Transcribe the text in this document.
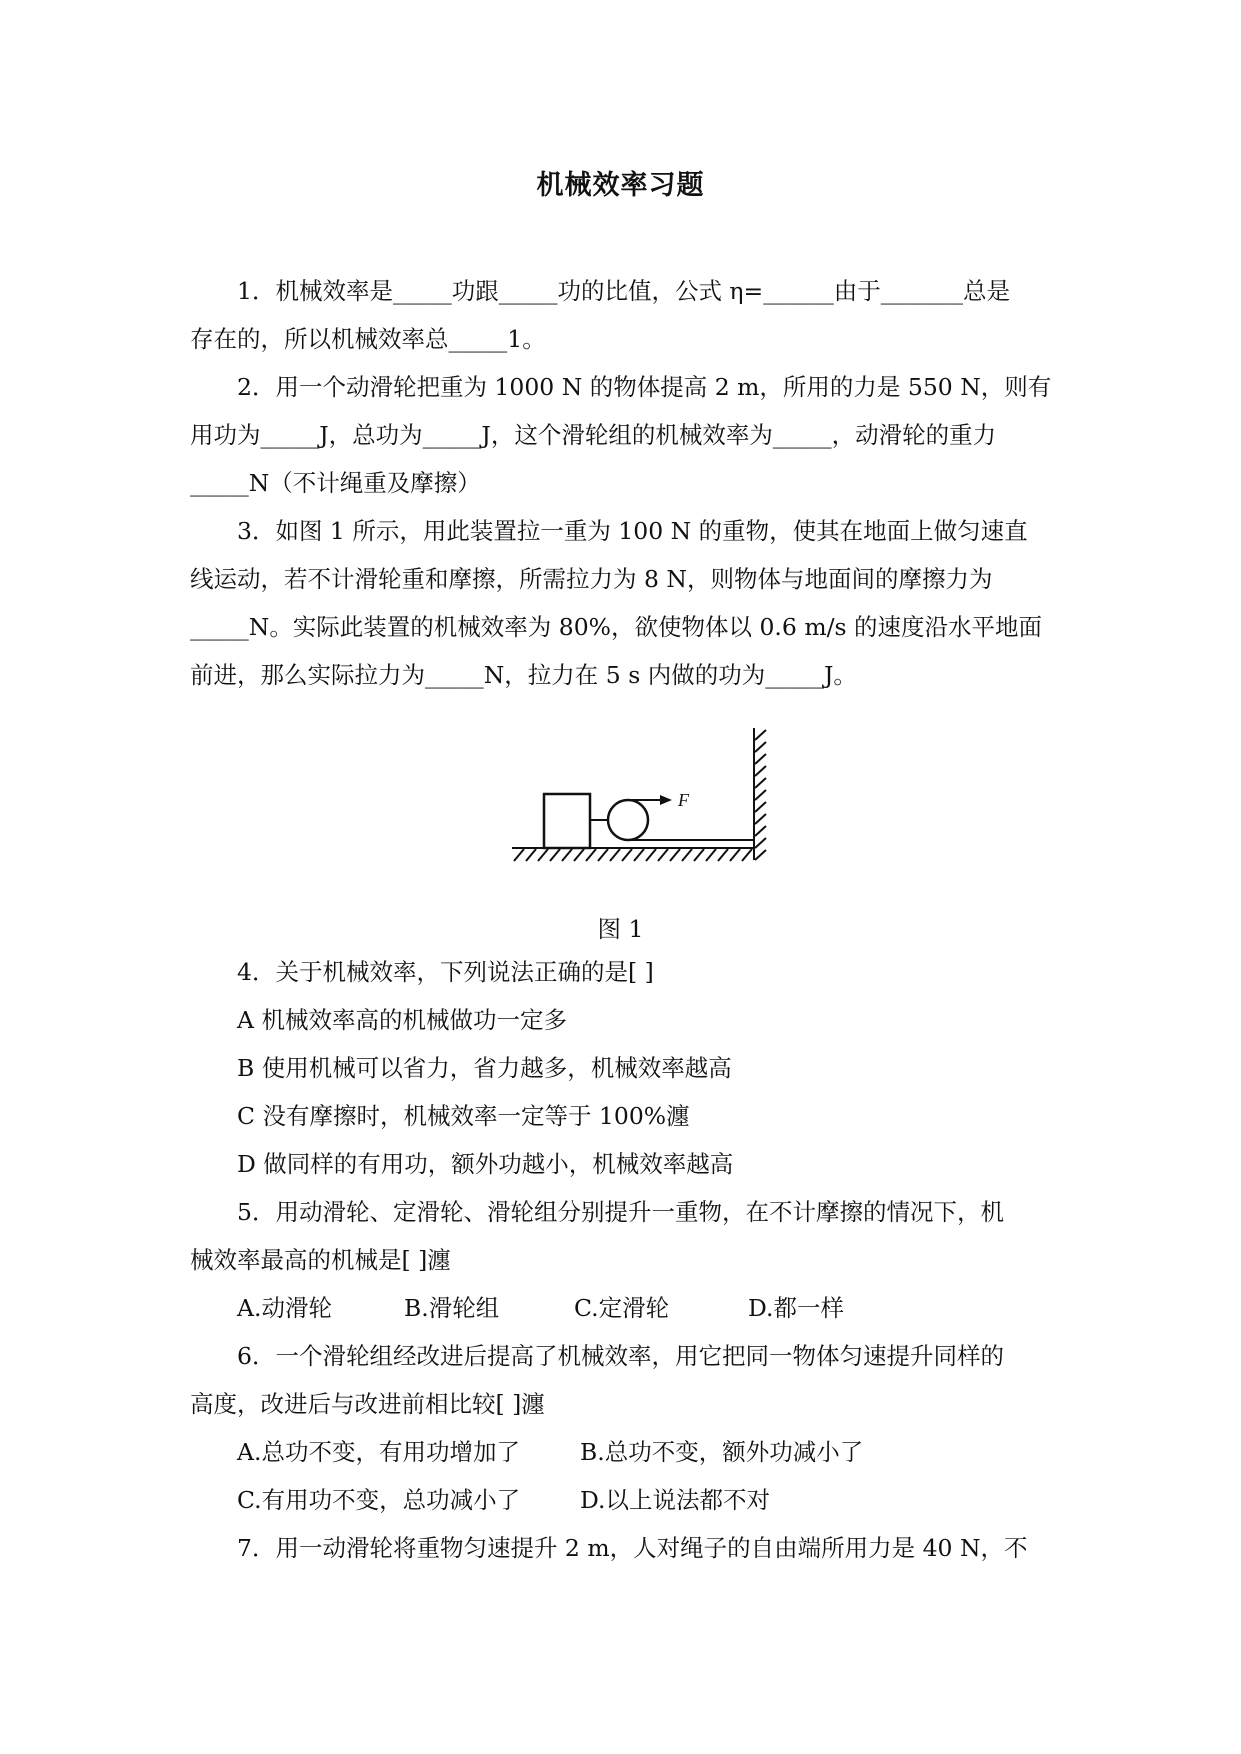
机械效率习题
1．机械效率是_____功跟_____功的比值，公式 η=______由于_______总是
存在的，所以机械效率总_____1。
2．用一个动滑轮把重为 1000 N 的物体提高 2 m，所用的力是 550 N，则有
用功为_____J，总功为_____J，这个滑轮组的机械效率为_____，动滑轮的重力
_____N（不计绳重及摩擦）
3．如图 1 所示，用此装置拉一重为 100 N 的重物，使其在地面上做匀速直
线运动，若不计滑轮重和摩擦，所需拉力为 8 N，则物体与地面间的摩擦力为
_____N。实际此装置的机械效率为 80%，欲使物体以 0.6 m/s 的速度沿水平地面
前进，那么实际拉力为_____N，拉力在 5 s 内做的功为_____J。
F
图 1
4．关于机械效率，下列说法正确的是[ ]
A 机械效率高的机械做功一定多
B 使用机械可以省力，省力越多，机械效率越高
C 没有摩擦时，机械效率一定等于 100%瀍
D 做同样的有用功，额外功越小，机械效率越高
5．用动滑轮、定滑轮、滑轮组分别提升一重物，在不计摩擦的情况下，机
械效率最高的机械是[ ]瀍
A.动滑轮	B.滑轮组	C.定滑轮	D.都一样
6．一个滑轮组经改进后提高了机械效率，用它把同一物体匀速提升同样的
高度，改进后与改进前相比较[ ]瀍
A.总功不变，有用功增加了	B.总功不变，额外功减小了
C.有用功不变，总功减小了	D.以上说法都不对
7．用一动滑轮将重物匀速提升 2 m，人对绳子的自由端所用力是 40 N，不
